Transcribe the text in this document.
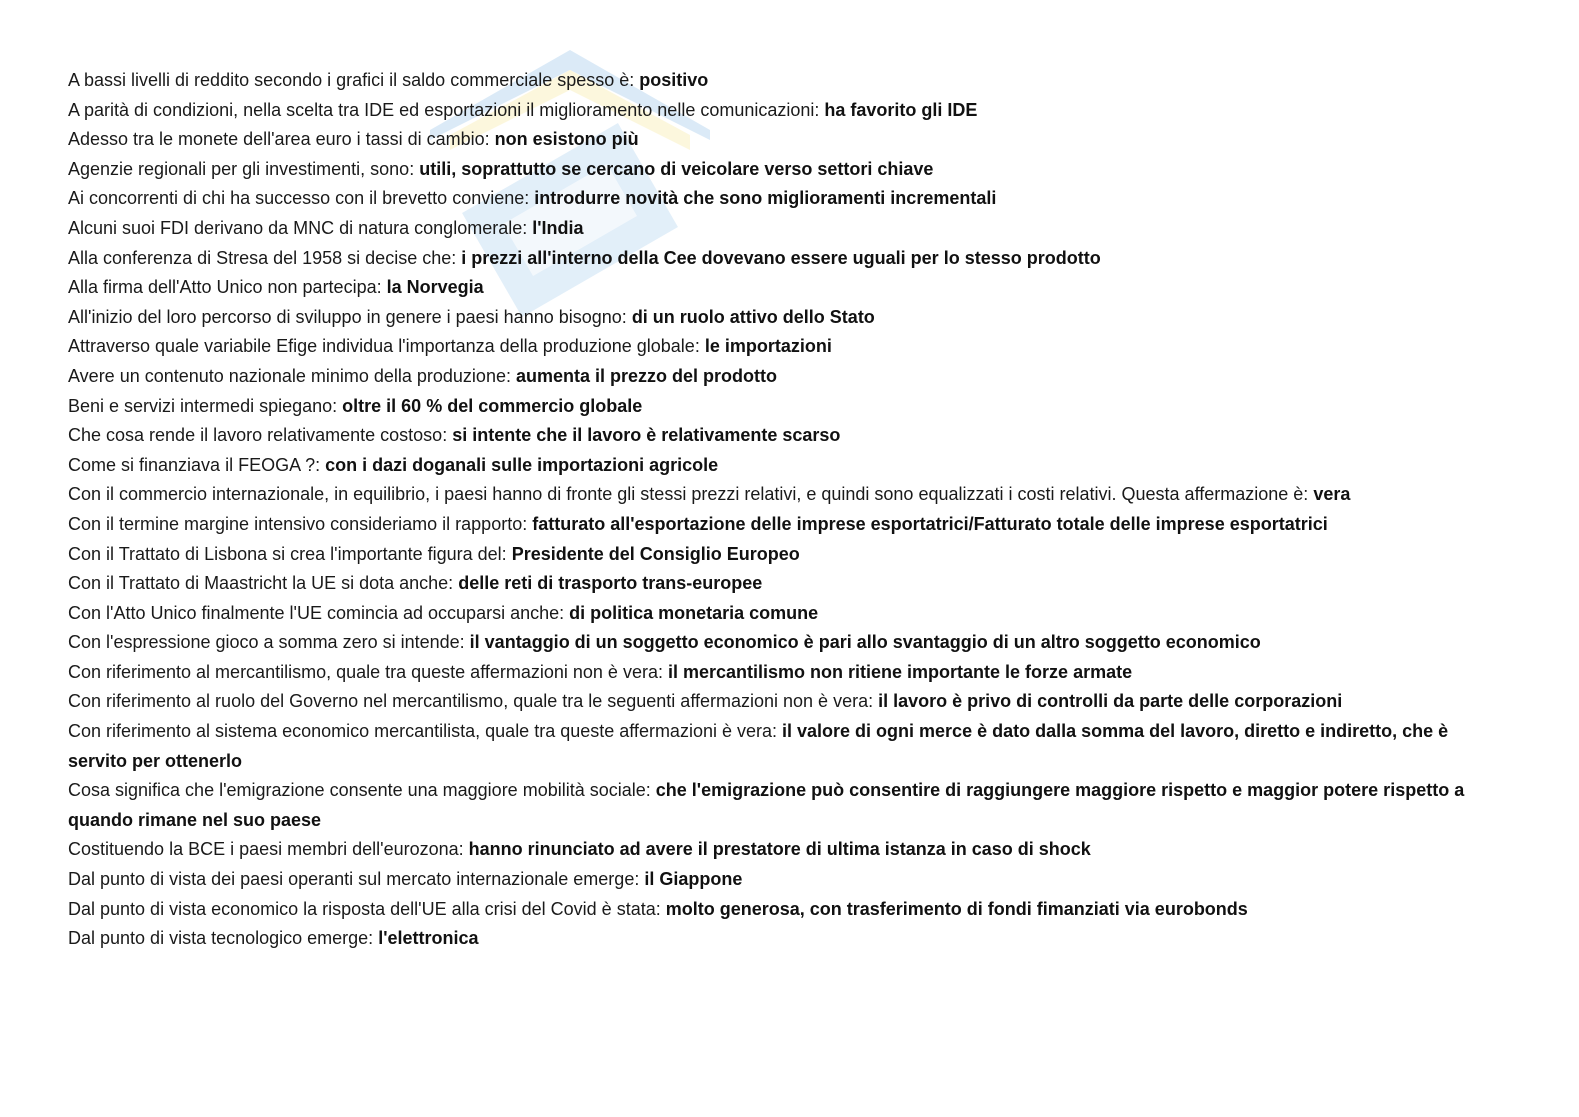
A bassi livelli di reddito secondo i grafici il saldo commerciale spesso è: positivo

A parità di condizioni, nella scelta tra IDE ed esportazioni il miglioramento nelle comunicazioni: ha favorito gli IDE

Adesso tra le monete dell'area euro i tassi di cambio: non esistono più

Agenzie regionali per gli investimenti, sono: utili, soprattutto se cercano di veicolare verso settori chiave

Ai concorrenti di chi ha successo con il brevetto conviene: introdurre novità che sono miglioramenti incrementali

Alcuni suoi FDI derivano da MNC di natura conglomerale: l'India

Alla conferenza di Stresa del 1958 si decise che: i prezzi all'interno della Cee dovevano essere uguali per lo stesso prodotto

Alla firma dell'Atto Unico non partecipa: la Norvegia

All'inizio del loro percorso di sviluppo in genere i paesi hanno bisogno: di un ruolo attivo dello Stato

Attraverso quale variabile Efige individua l'importanza della produzione globale: le importazioni

Avere un contenuto nazionale minimo della produzione: aumenta il prezzo del prodotto

Beni e servizi intermedi spiegano: oltre il 60 % del commercio globale

Che cosa rende il lavoro relativamente costoso: si intente che il lavoro è relativamente scarso

Come si finanziava il FEOGA ?: con i dazi doganali sulle importazioni agricole

Con il commercio internazionale, in equilibrio, i paesi hanno di fronte gli stessi prezzi relativi, e quindi sono equalizzati i costi relativi. Questa affermazione è: vera

Con il termine margine intensivo consideriamo il rapporto: fatturato all'esportazione delle imprese esportatrici/Fatturato totale delle imprese esportatrici

Con il Trattato di Lisbona si crea l'importante figura del: Presidente del Consiglio Europeo

Con il Trattato di Maastricht la UE si dota anche: delle reti di trasporto trans-europee

Con l'Atto Unico finalmente l'UE comincia ad occuparsi anche: di politica monetaria comune

Con l'espressione gioco a somma zero si intende: il vantaggio di un soggetto economico è pari allo svantaggio di un altro soggetto economico

Con riferimento al mercantilismo, quale tra queste affermazioni non è vera: il mercantilismo non ritiene importante le forze armate

Con riferimento al ruolo del Governo nel mercantilismo, quale tra le seguenti affermazioni non è vera: il lavoro è privo di controlli da parte delle corporazioni

Con riferimento al sistema economico mercantilista, quale tra queste affermazioni è vera: il valore di ogni merce è dato dalla somma del lavoro, diretto e indiretto, che è servito per ottenerlo

Cosa significa che l'emigrazione consente una maggiore mobilità sociale: che l'emigrazione può consentire di raggiungere maggiore rispetto e maggior potere rispetto a quando rimane nel suo paese

Costituendo la BCE i paesi membri dell'eurozona: hanno rinunciato ad avere il prestatore di ultima istanza in caso di shock

Dal punto di vista dei paesi operanti sul mercato internazionale emerge: il Giappone

Dal punto di vista economico la risposta dell'UE alla crisi del Covid è stata: molto generosa, con trasferimento di fondi fimanziati via eurobonds

Dal punto di vista tecnologico emerge: l'elettronica
